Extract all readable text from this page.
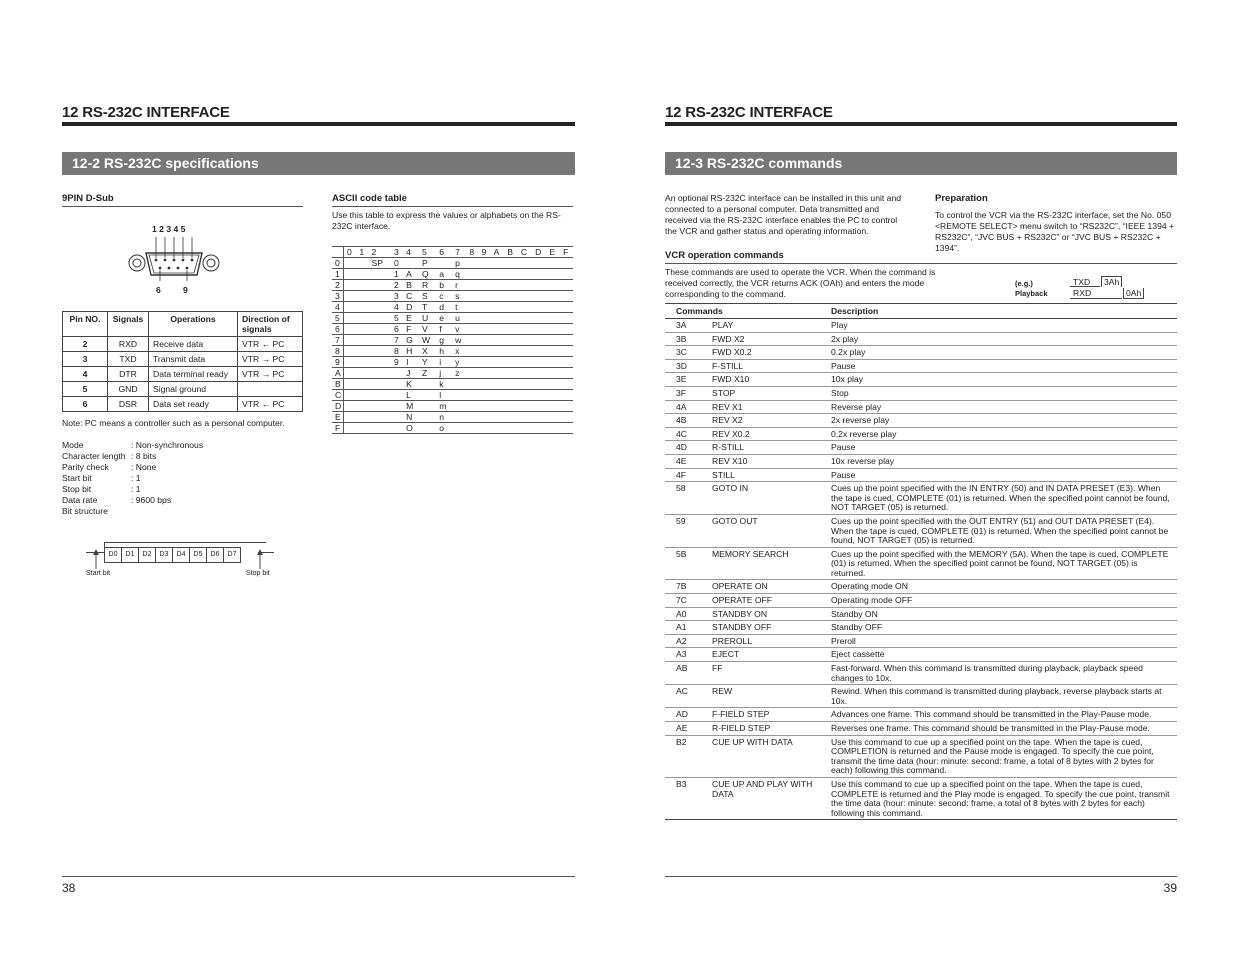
12 RS-232C INTERFACE
12-2 RS-232C specifications
9PIN D-Sub
1 2 3 4 5
6	9
Pin NO.	Signals	Operations	Direction of signals
2	RXD	Receive data	VTR ← PC
3	TXD	Transmit data	VTR → PC
4	DTR	Data terminal ready	VTR → PC
5	GND	Signal ground	
6	DSR	Data set ready	VTR ← PC
Note: PC means a controller such as a personal computer.
Mode	: Non-synchronous
Character length : 8 bits
Parity check	: None
Start bit	: 1
Stop bit	: 1
Data rate	: 9600 bps
Bit structure
D0 D1 D2 D3 D4 D5 D6 D7
Start bit	Stop bit
ASCII code table
Use this table to express the values or alphabets on the RS-232C interface.
	0	1	2	3	4	5	6	7	8	9	A	B	C	D	E	F
0			SP	0		P		p								
1				1	A	Q	a	q								
2				2	B	R	b	r								
3				3	C	S	c	s								
4				4	D	T	d	t								
5				5	E	U	e	u								
6				6	F	V	f	v								
7				7	G	W	g	w								
8				8	H	X	h	x								
9				9	I	Y	i	y								
A					J	Z	j	z								
B					K		k									
C					L		l									
D					M		m									
E					N		n									
F					O		o									
38
12 RS-232C INTERFACE
12-3 RS-232C commands
An optional RS-232C interface can be installed in this unit and connected to a personal computer. Data transmitted and received via the RS-232C interface enables the PC to control the VCR and gather status and operating information.
Preparation
To control the VCR via the RS-232C interface, set the No. 050 <REMOTE SELECT> menu switch to “RS232C”, “IEEE 1394 + RS232C”, “JVC BUS + RS232C” or “JVC BUS + RS232C + 1394”.
VCR operation commands
These commands are used to operate the VCR. When the command is received correctly, the VCR returns ACK (OAh) and enters the mode corresponding to the command.
(e.g.)
Playback
TXD	3Ah
RXD	0Ah
Commands		Description
3A	PLAY	Play
3B	FWD X2	2x play
3C	FWD X0.2	0.2x play
3D	F-STILL	Pause
3E	FWD X10	10x play
3F	STOP	Stop
4A	REV X1	Reverse play
4B	REV X2	2x reverse play
4C	REV X0.2	0.2x reverse play
4D	R-STILL	Pause
4E	REV X10	10x reverse play
4F	STILL	Pause
58	GOTO IN	Cues up the point specified with the IN ENTRY (50) and IN DATA PRESET (E3). When the tape is cued, COMPLETE (01) is returned. When the specified point cannot be found, NOT TARGET (05) is returned.
59	GOTO OUT	Cues up the point specified with the OUT ENTRY (51) and OUT DATA PRESET (E4). When the tape is cued, COMPLETE (01) is returned. When the specified point cannot be found, NOT TARGET (05) is returned.
5B	MEMORY SEARCH	Cues up the point specified with the MEMORY (5A). When the tape is cued, COMPLETE (01) is returned. When the specified point cannot be found, NOT TARGET (05) is returned.
7B	OPERATE ON	Operating mode ON
7C	OPERATE OFF	Operating mode OFF
A0	STANDBY ON	Standby ON
A1	STANDBY OFF	Standby OFF
A2	PREROLL	Preroll
A3	EJECT	Eject cassette
AB	FF	Fast-forward. When this command is transmitted during playback, playback speed changes to 10x.
AC	REW	Rewind. When this command is transmitted during playback, reverse playback starts at 10x.
AD	F-FIELD STEP	Advances one frame. This command should be transmitted in the Play-Pause mode.
AE	R-FIELD STEP	Reverses one frame. This command should be transmitted in the Play-Pause mode.
B2	CUE UP WITH DATA	Use this command to cue up a specified point on the tape. When the tape is cued, COMPLETION is returned and the Pause mode is engaged. To specify the cue point, transmit the time data (hour: minute: second: frame, a total of 8 bytes with 2 bytes for each) following this command.
B3	CUE UP AND PLAY WITH DATA	Use this command to cue up a specified point on the tape. When the tape is cued, COMPLETE is returned and the Play mode is engaged. To specify the cue point, transmit the time data (hour: minute: second: frame, a total of 8 bytes with 2 bytes for each) following this command.
39
